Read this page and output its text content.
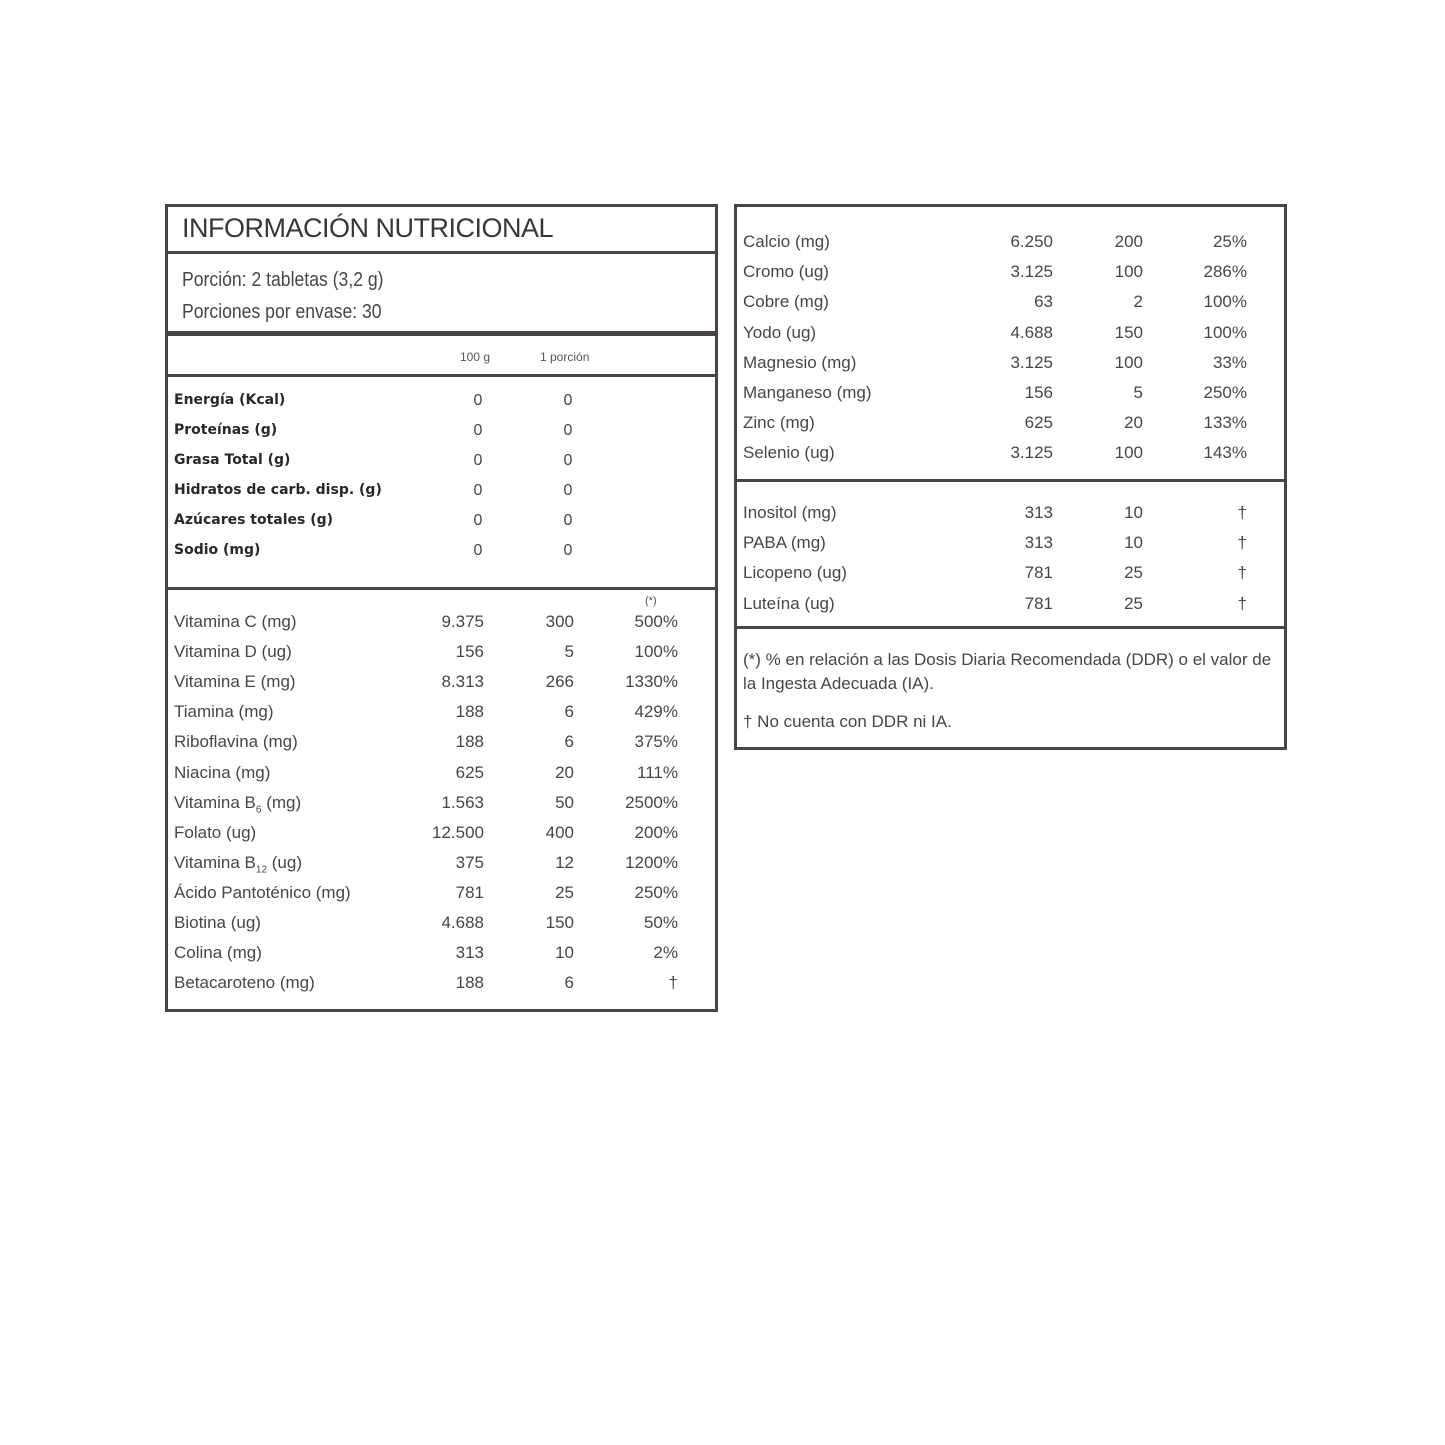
INFORMACIÓN NUTRICIONAL
Porción: 2 tabletas (3,2 g)
Porciones por envase: 30
100 g	1 porción
Energía (Kcal)	0	0
Proteínas (g)	0	0
Grasa Total (g)	0	0
Hidratos de carb. disp. (g)	0	0
Azúcares totales (g)	0	0
Sodio (mg)	0	0
(*)
Vitamina C (mg)	9.375	300	500%
Vitamina D (ug)	156	5	100%
Vitamina E (mg)	8.313	266	1330%
Tiamina (mg)	188	6	429%
Riboflavina (mg)	188	6	375%
Niacina (mg)	625	20	111%
Vitamina $B_6$ (mg)	1.563	50	2500%
Folato (ug)	12.500	400	200%
Vitamina $B_{12}$ (ug)	375	12	1200%
Ácido Pantoténico (mg)	781	25	250%
Biotina (ug)	4.688	150	50%
Colina (mg)	313	10	2%
Betacaroteno (mg)	188	6	†
Calcio (mg)	6.250	200	25%
Cromo (ug)	3.125	100	286%
Cobre (mg)	63	2	100%
Yodo (ug)	4.688	150	100%
Magnesio (mg)	3.125	100	33%
Manganeso (mg)	156	5	250%
Zinc (mg)	625	20	133%
Selenio (ug)	3.125	100	143%
Inositol (mg)	313	10	†
PABA (mg)	313	10	†
Licopeno (ug)	781	25	†
Luteína (ug)	781	25	†
(*) % en relación a las Dosis Diaria Recomendada (DDR) o el valor de la Ingesta Adecuada (IA).
† No cuenta con DDR ni IA.
